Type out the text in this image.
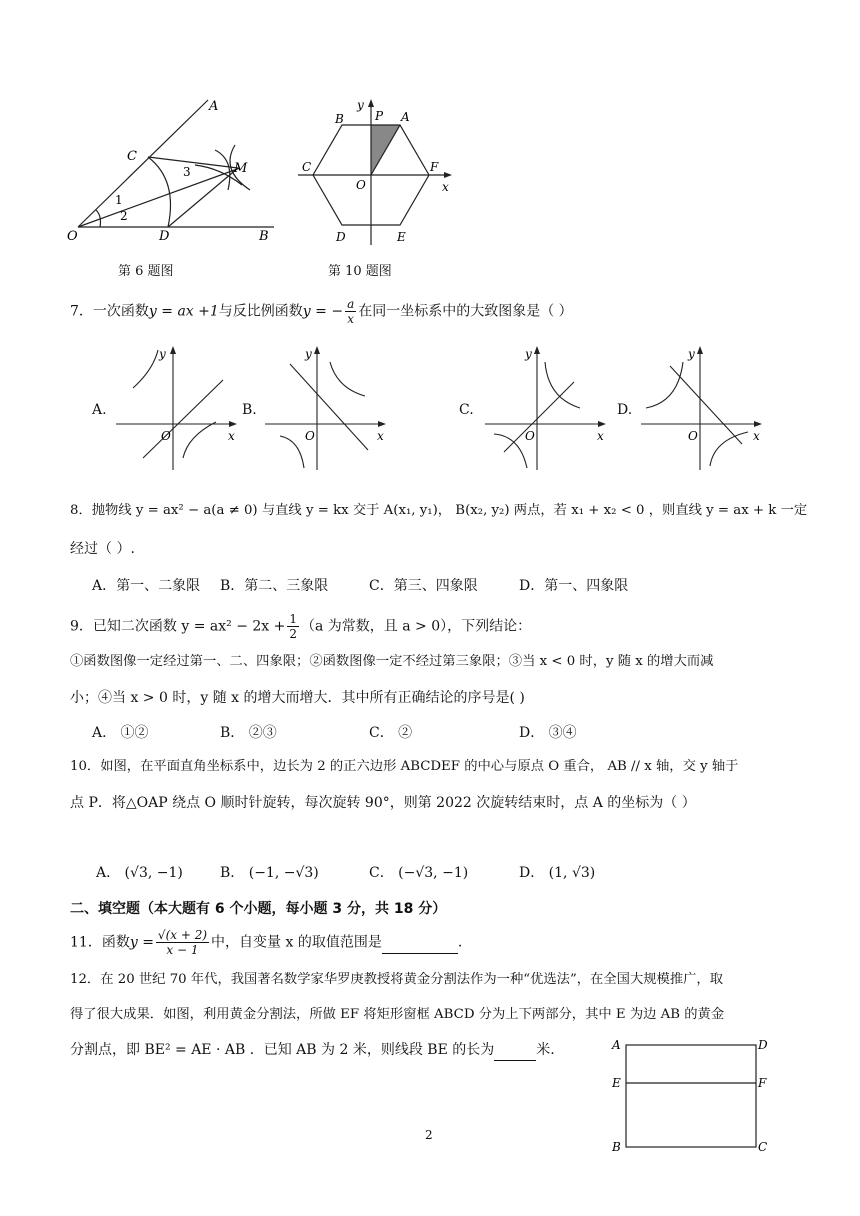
A
C
M
O	D	B
1
2
3
第 6 题图
y
P A
B
C	F
O	x
D	E
第 10 题图
7．一次函数y = ax +1与反比例函数y = − $\frac{a}{x}$ 在同一坐标系中的大致图象是（ ）
A.
y
x
O
B.
y
x
O
C.
y
x
O
D.
y
x
O
8．抛物线 y = ax² − a(a ≠ 0) 与直线 y = kx 交于 A(x₁, y₁)， B(x₂, y₂) 两点，若 x₁ + x₂ < 0 ，则直线 y = ax + k 一定
经过（ ）.
A．第一、二象限 B．第二、三象限	C．第三、四象限	D．第一、四象限
9．已知二次函数 $y = ax^2 - 2x + \frac{1}{2} (a$ 为常数，且 a > 0），下列结论：
①函数图像一定经过第一、二、四象限；②函数图像一定不经过第三象限；③当 x < 0 时，y 随 x 的增大而减
小；④当 x > 0 时，y 随 x 的增大而增大．其中所有正确结论的序号是( )
A． ①②	B． ②③	C． ②	D． ③④
10．如图，在平面直角坐标系中，边长为 2 的正六边形 ABCDEF 的中心与原点 O 重合， AB // x 轴，交 y 轴于
点 P．将△OAP 绕点 O 顺时针旋转，每次旋转 90°，则第 2022 次旋转结束时，点 A 的坐标为（ ）
A． (√3, −1)	B． (−1, −√3)	C． (−√3, −1)	D． (1, √3)
二、填空题（本大题有 6 个小题，每小题 3 分，共 18 分）
11．函数$y = \frac{√(x + 2)}{x - 1}$ 中，自变量 x 的取值范围是	.
12．在 20 世纪 70 年代，我国著名数学家华罗庚教授将黄金分割法作为一种“优选法”，在全国大规模推广，取
得了很大成果．如图，利用黄金分割法，所做 EF 将矩形窗框 ABCD 分为上下两部分，其中 E 为边 AB 的黄金
分割点，即 BE² = AE · AB ．已知 AB 为 2 米，则线段 BE 的长为	米.	A	D
E	F
B	C
2
